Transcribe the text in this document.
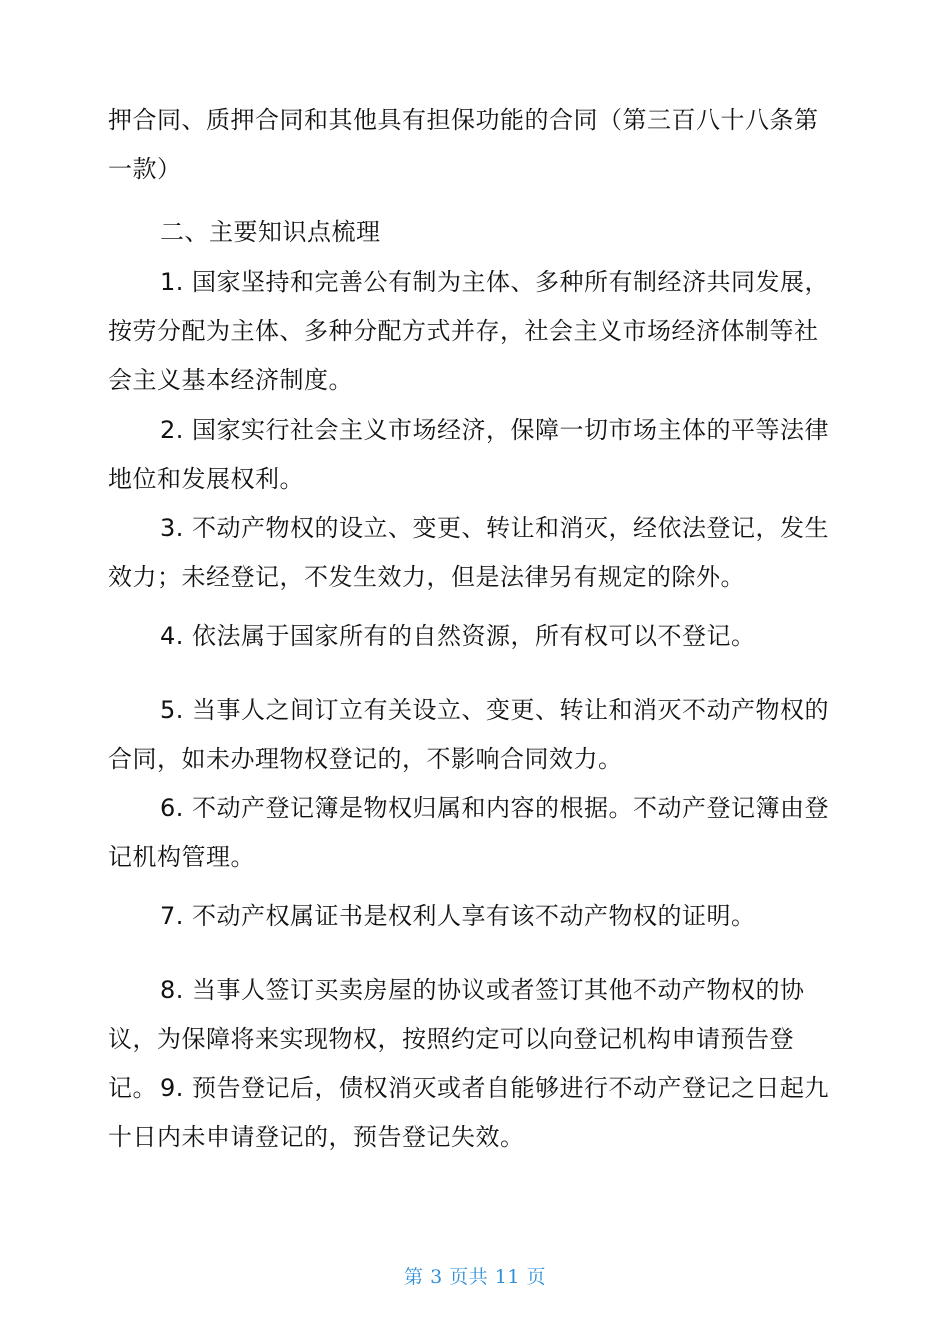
押合同、质押合同和其他具有担保功能的合同（第三百八十八条第一款）

二、主要知识点梳理

1. 国家坚持和完善公有制为主体、多种所有制经济共同发展，按劳分配为主体、多种分配方式并存，社会主义市场经济体制等社会主义基本经济制度。

2. 国家实行社会主义市场经济，保障一切市场主体的平等法律地位和发展权利。

3. 不动产物权的设立、变更、转让和消灭，经依法登记，发生效力；未经登记，不发生效力，但是法律另有规定的除外。

4. 依法属于国家所有的自然资源，所有权可以不登记。

5. 当事人之间订立有关设立、变更、转让和消灭不动产物权的合同，如未办理物权登记的，不影响合同效力。

6. 不动产登记簿是物权归属和内容的根据。不动产登记簿由登记机构管理。

7. 不动产权属证书是权利人享有该不动产物权的证明。

8. 当事人签订买卖房屋的协议或者签订其他不动产物权的协议，为保障将来实现物权，按照约定可以向登记机构申请预告登记。 9. 预告登记后，债权消灭或者自能够进行不动产登记之日起九十日内未申请登记的，预告登记失效。

第 3 页共 11 页
